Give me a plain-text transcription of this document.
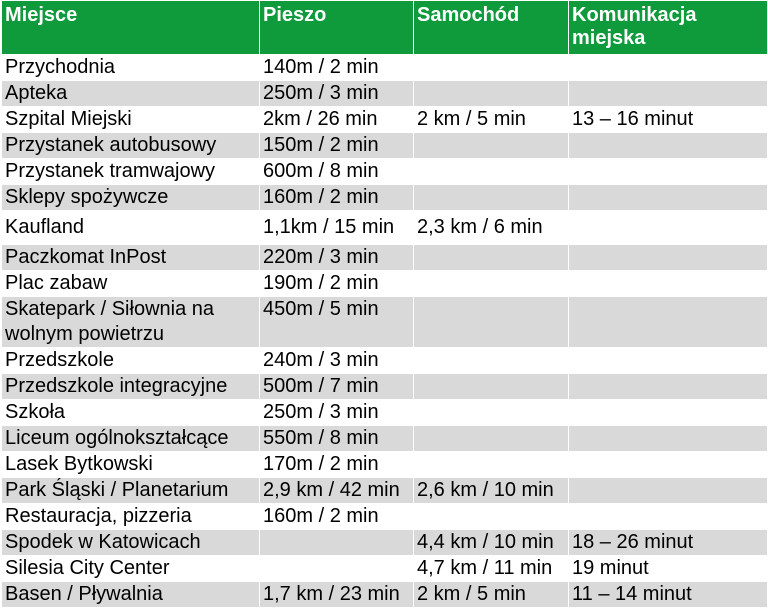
Miejsce	Pieszo	Samochód	Komunikacja miejska
Przychodnia	140m / 2 min		
Apteka	250m / 3 min		
Szpital Miejski	2km / 26 min	2 km / 5 min	13 – 16 minut
Przystanek autobusowy	150m / 2 min		
Przystanek tramwajowy	600m / 8 min		
Sklepy spożywcze	160m / 2 min		
Kaufland	1,1km / 15 min	2,3 km / 6 min	
Paczkomat InPost	220m / 3 min		
Plac zabaw	190m / 2 min		
Skatepark / Siłownia na wolnym powietrzu	450m / 5 min		
Przedszkole	240m / 3 min		
Przedszkole integracyjne	500m / 7 min		
Szkoła	250m / 3 min		
Liceum ogólnokształcące	550m / 8 min		
Lasek Bytkowski	170m / 2 min		
Park Śląski / Planetarium	2,9 km / 42 min	2,6 km / 10 min	
Restauracja, pizzeria	160m / 2 min		
Spodek w Katowicach		4,4 km / 10 min	18 – 26 minut
Silesia City Center		4,7 km / 11 min	19 minut
Basen / Pływalnia	1,7 km / 23 min	2 km / 5 min	11 – 14 minut
